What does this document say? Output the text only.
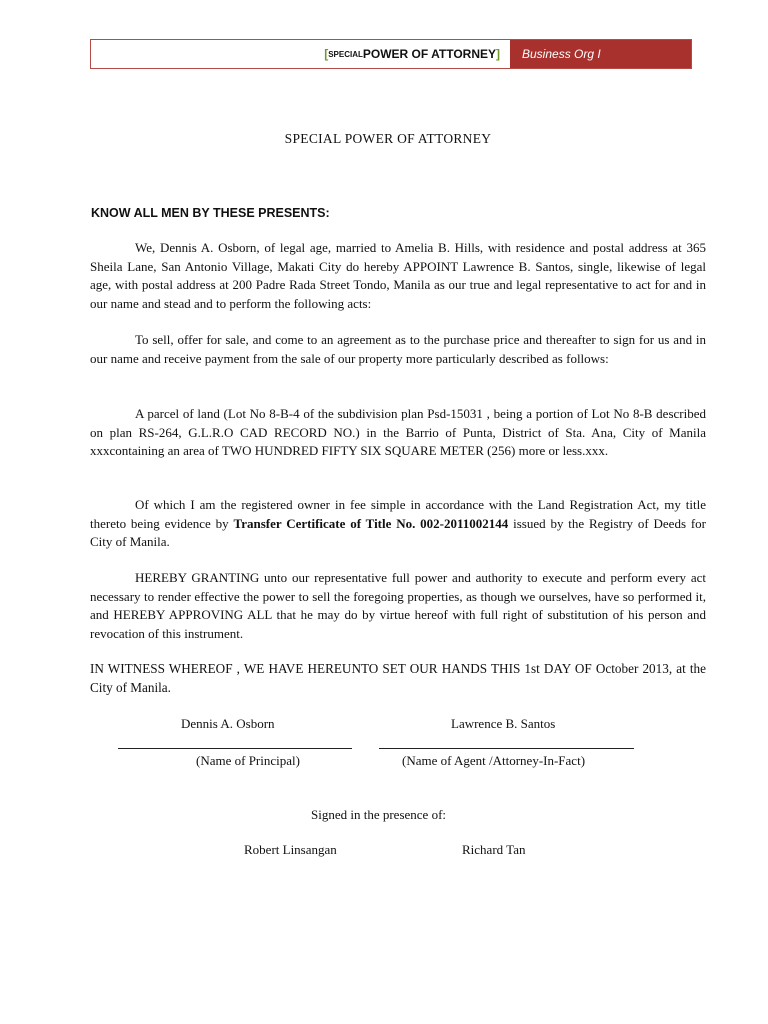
[ SPECIAL POWER OF ATTORNEY ]	Business Org I
SPECIAL POWER OF ATTORNEY
KNOW ALL MEN BY THESE PRESENTS:
We, Dennis A. Osborn, of legal age, married to Amelia B. Hills, with residence and postal address at 365 Sheila Lane, San Antonio Village, Makati City do hereby APPOINT Lawrence B. Santos, single, likewise of legal age, with postal address at 200 Padre Rada Street Tondo, Manila as our true and legal representative to act for and in our name and stead and to perform the following acts:
To sell, offer for sale, and come to an agreement as to the purchase price and thereafter to sign for us and in our name and receive payment from the sale of our property more particularly described as follows:
A parcel of land (Lot No 8-B-4 of the subdivision plan Psd-15031 , being a portion of Lot No 8-B described on plan RS-264, G.L.R.O CAD RECORD NO.) in the Barrio of Punta, District of Sta. Ana, City of Manila xxxcontaining an area of TWO HUNDRED FIFTY SIX SQUARE METER (256) more or less.xxx.
Of which I am the registered owner in fee simple in accordance with the Land Registration Act, my title thereto being evidence by Transfer Certificate of Title No. 002-2011002144 issued by the Registry of Deeds for City of Manila.
HEREBY GRANTING unto our representative full power and authority to execute and perform every act necessary to render effective the power to sell the foregoing properties, as though we ourselves, have so performed it, and HEREBY APPROVING ALL that he may do by virtue hereof with full right of substitution of his person and revocation of this instrument.
IN WITNESS WHEREOF , WE HAVE HEREUNTO SET OUR HANDS THIS 1st DAY OF October 2013, at the City of Manila.
Dennis A. Osborn	Lawrence B. Santos
(Name of Principal)	(Name of Agent /Attorney-In-Fact)
Signed in the presence of:
Robert Linsangan	Richard Tan
